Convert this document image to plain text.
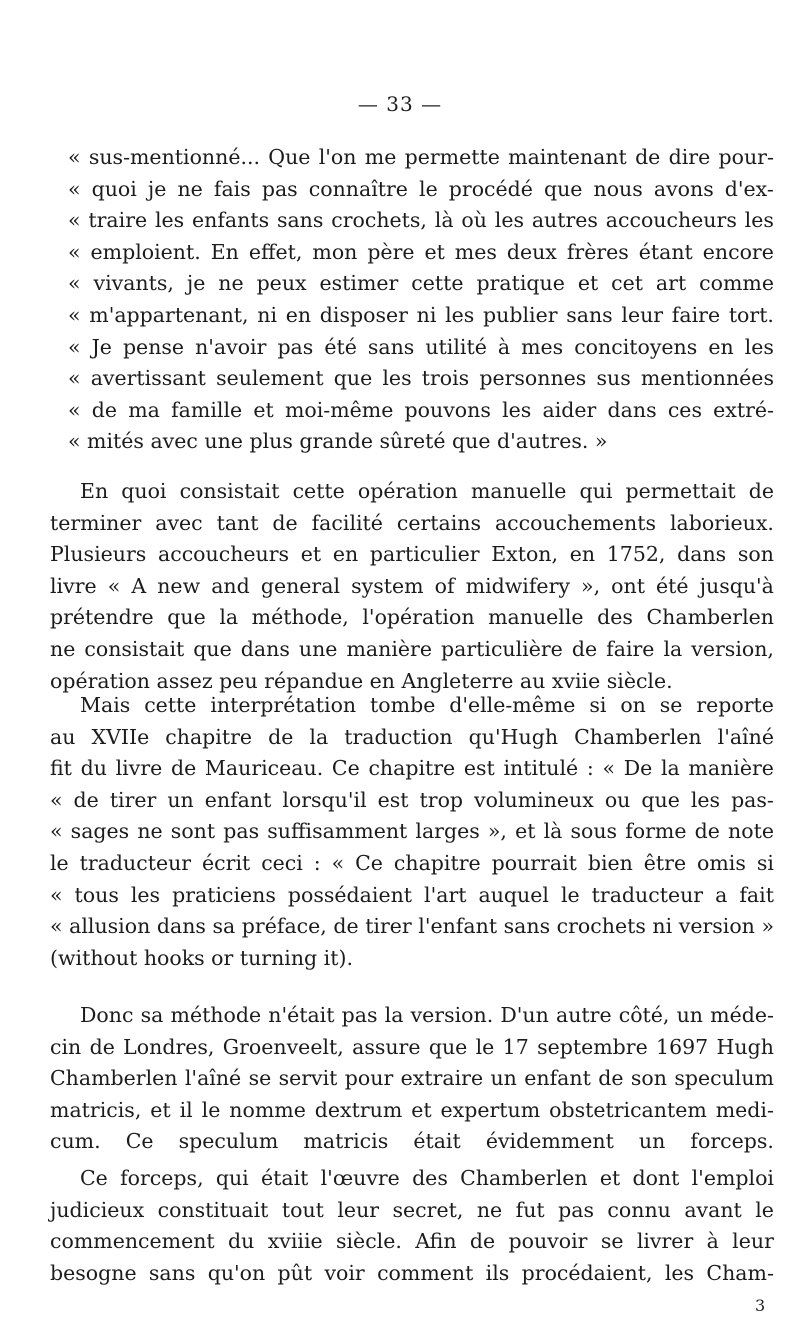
— 33 —
« sus-mentionné... Que l'on me permette maintenant de dire pour-
« quoi je ne fais pas connaître le procédé que nous avons d'ex-
« traire les enfants sans crochets, là où les autres accoucheurs les
« emploient. En effet, mon père et mes deux frères étant encore
« vivants, je ne peux estimer cette pratique et cet art comme
« m'appartenant, ni en disposer ni les publier sans leur faire tort.
« Je pense n'avoir pas été sans utilité à mes concitoyens en les
« avertissant seulement que les trois personnes sus mentionnées
« de ma famille et moi-même pouvons les aider dans ces extré-
« mités avec une plus grande sûreté que d'autres. »
En quoi consistait cette opération manuelle qui permettait de
terminer avec tant de facilité certains accouchements laborieux.
Plusieurs accoucheurs et en particulier Exton, en 1752, dans son
livre « A new and general system of midwifery », ont été jusqu'à
prétendre que la méthode, l'opération manuelle des Chamberlen
ne consistait que dans une manière particulière de faire la version,
opération assez peu répandue en Angleterre au xviie siècle.
Mais cette interprétation tombe d'elle-même si on se reporte
au XVIIe chapitre de la traduction qu'Hugh Chamberlen l'aîné
fit du livre de Mauriceau. Ce chapitre est intitulé : « De la manière
« de tirer un enfant lorsqu'il est trop volumineux ou que les pas-
« sages ne sont pas suffisamment larges », et là sous forme de note
le traducteur écrit ceci : « Ce chapitre pourrait bien être omis si
« tous les praticiens possédaient l'art auquel le traducteur a fait
« allusion dans sa préface, de tirer l'enfant sans crochets ni version »
(without hooks or turning it).
Donc sa méthode n'était pas la version. D'un autre côté, un méde-
cin de Londres, Groenveelt, assure que le 17 septembre 1697 Hugh
Chamberlen l'aîné se servit pour extraire un enfant de son speculum
matricis, et il le nomme dextrum et expertum obstetricantem medi-
cum. Ce speculum matricis était évidemment un forceps.
Ce forceps, qui était l'œuvre des Chamberlen et dont l'emploi
judicieux constituait tout leur secret, ne fut pas connu avant le
commencement du xviiie siècle. Afin de pouvoir se livrer à leur
besogne sans qu'on pût voir comment ils procédaient, les Cham-
3
